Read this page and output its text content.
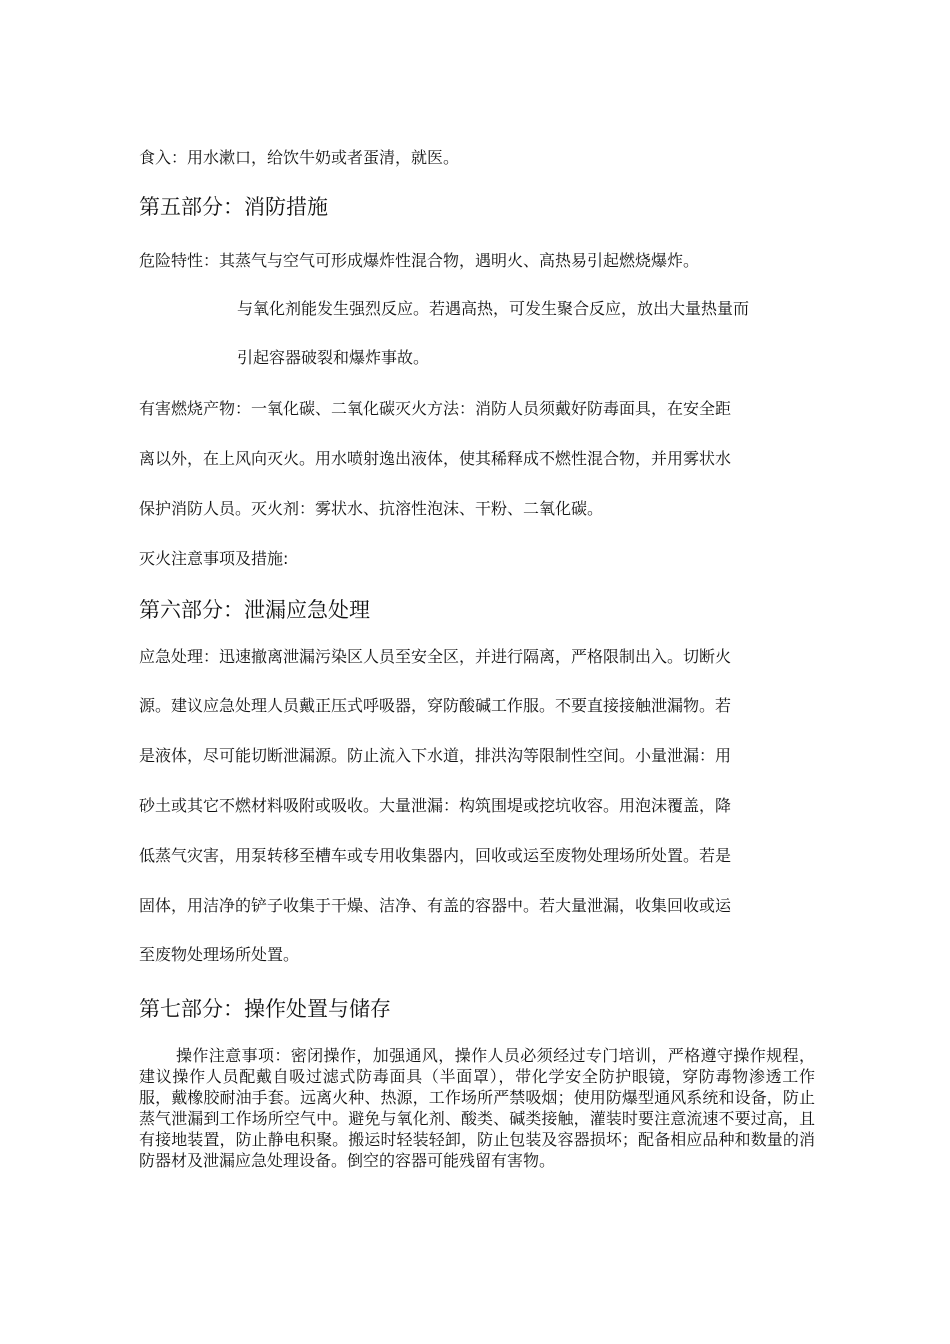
食入：用水漱口，给饮牛奶或者蛋清，就医。

第五部分：消防措施

危险特性：其蒸气与空气可形成爆炸性混合物，遇明火、高热易引起燃烧爆炸。

与氧化剂能发生强烈反应。若遇高热，可发生聚合反应，放出大量热量而

引起容器破裂和爆炸事故。

有害燃烧产物：一氧化碳、二氧化碳灭火方法：消防人员须戴好防毒面具，在安全距

离以外，在上风向灭火。用水喷射逸出液体，使其稀释成不燃性混合物，并用雾状水

保护消防人员。灭火剂：雾状水、抗溶性泡沫、干粉、二氧化碳。

灭火注意事项及措施:

第六部分：泄漏应急处理

应急处理：迅速撤离泄漏污染区人员至安全区，并进行隔离，严格限制出入。切断火

源。建议应急处理人员戴正压式呼吸器，穿防酸碱工作服。不要直接接触泄漏物。若

是液体，尽可能切断泄漏源。防止流入下水道，排洪沟等限制性空间。小量泄漏：用

砂土或其它不燃材料吸附或吸收。大量泄漏：构筑围堤或挖坑收容。用泡沫覆盖，降

低蒸气灾害，用泵转移至槽车或专用收集器内，回收或运至废物处理场所处置。若是

固体，用洁净的铲子收集于干燥、洁净、有盖的容器中。若大量泄漏，收集回收或运

至废物处理场所处置。

第七部分：操作处置与储存

操作注意事项：密闭操作，加强通风，操作人员必须经过专门培训，严格遵守操作规程，建议操作人员配戴自吸过滤式防毒面具（半面罩），带化学安全防护眼镜，穿防毒物渗透工作服，戴橡胶耐油手套。远离火种、热源，工作场所严禁吸烟；使用防爆型通风系统和设备，防止蒸气泄漏到工作场所空气中。避免与氧化剂、酸类、碱类接触，灌装时要注意流速不要过高，且有接地装置，防止静电积聚。搬运时轻装轻卸，防止包装及容器损坏；配备相应品种和数量的消防器材及泄漏应急处理设备。倒空的容器可能残留有害物。
